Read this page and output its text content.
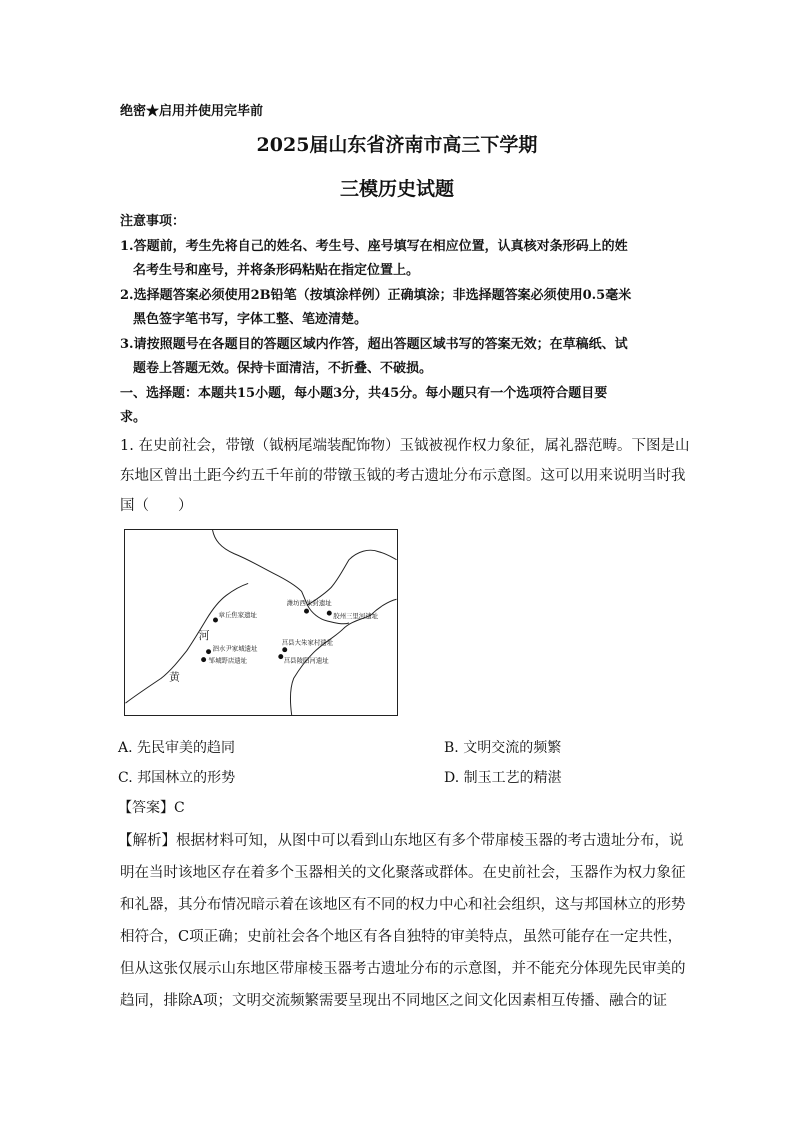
绝密★启用并使用完毕前
2025届山东省济南市高三下学期
三模历史试题
注意事项：
1.答题前，考生先将自己的姓名、考生号、座号填写在相应位置，认真核对条形码上的姓
名考生号和座号，并将条形码粘贴在指定位置上。
2.选择题答案必须使用2B铅笔（按填涂样例）正确填涂；非选择题答案必须使用0.5毫米
黑色签字笔书写，字体工整、笔迹清楚。
3.请按照题号在各题目的答题区域内作答，超出答题区域书写的答案无效；在草稿纸、试
题卷上答题无效。保持卡面清洁，不折叠、不破损。
一、选择题：本题共15小题，每小题3分，共45分。每小题只有一个选项符合题目要
求。
1. 在史前社会，带镦（钺柄尾端装配饰物）玉钺被视作权力象征，属礼器范畴。下图是山
东地区曾出土距今约五千年前的带镦玉钺的考古遗址分布示意图。这可以用来说明当时我
国（　　）
章丘焦家遗址
潍坊西朱封遗址
胶州三里河遗址
泗水尹家城遗址
邹城野店遗址
莒县大朱家村遗址
莒县陵阳河遗址
河
黄
A. 先民审美的趋同	B. 文明交流的频繁
C. 邦国林立的形势	D. 制玉工艺的精湛
【答案】C
【解析】根据材料可知，从图中可以看到山东地区有多个带扉棱玉器的考古遗址分布，说
明在当时该地区存在着多个玉器相关的文化聚落或群体。在史前社会，玉器作为权力象征
和礼器，其分布情况暗示着在该地区有不同的权力中心和社会组织，这与邦国林立的形势
相符合，C项正确；史前社会各个地区有各自独特的审美特点，虽然可能存在一定共性，
但从这张仅展示山东地区带扉棱玉器考古遗址分布的示意图，并不能充分体现先民审美的
趋同，排除A项；文明交流频繁需要呈现出不同地区之间文化因素相互传播、融合的证
